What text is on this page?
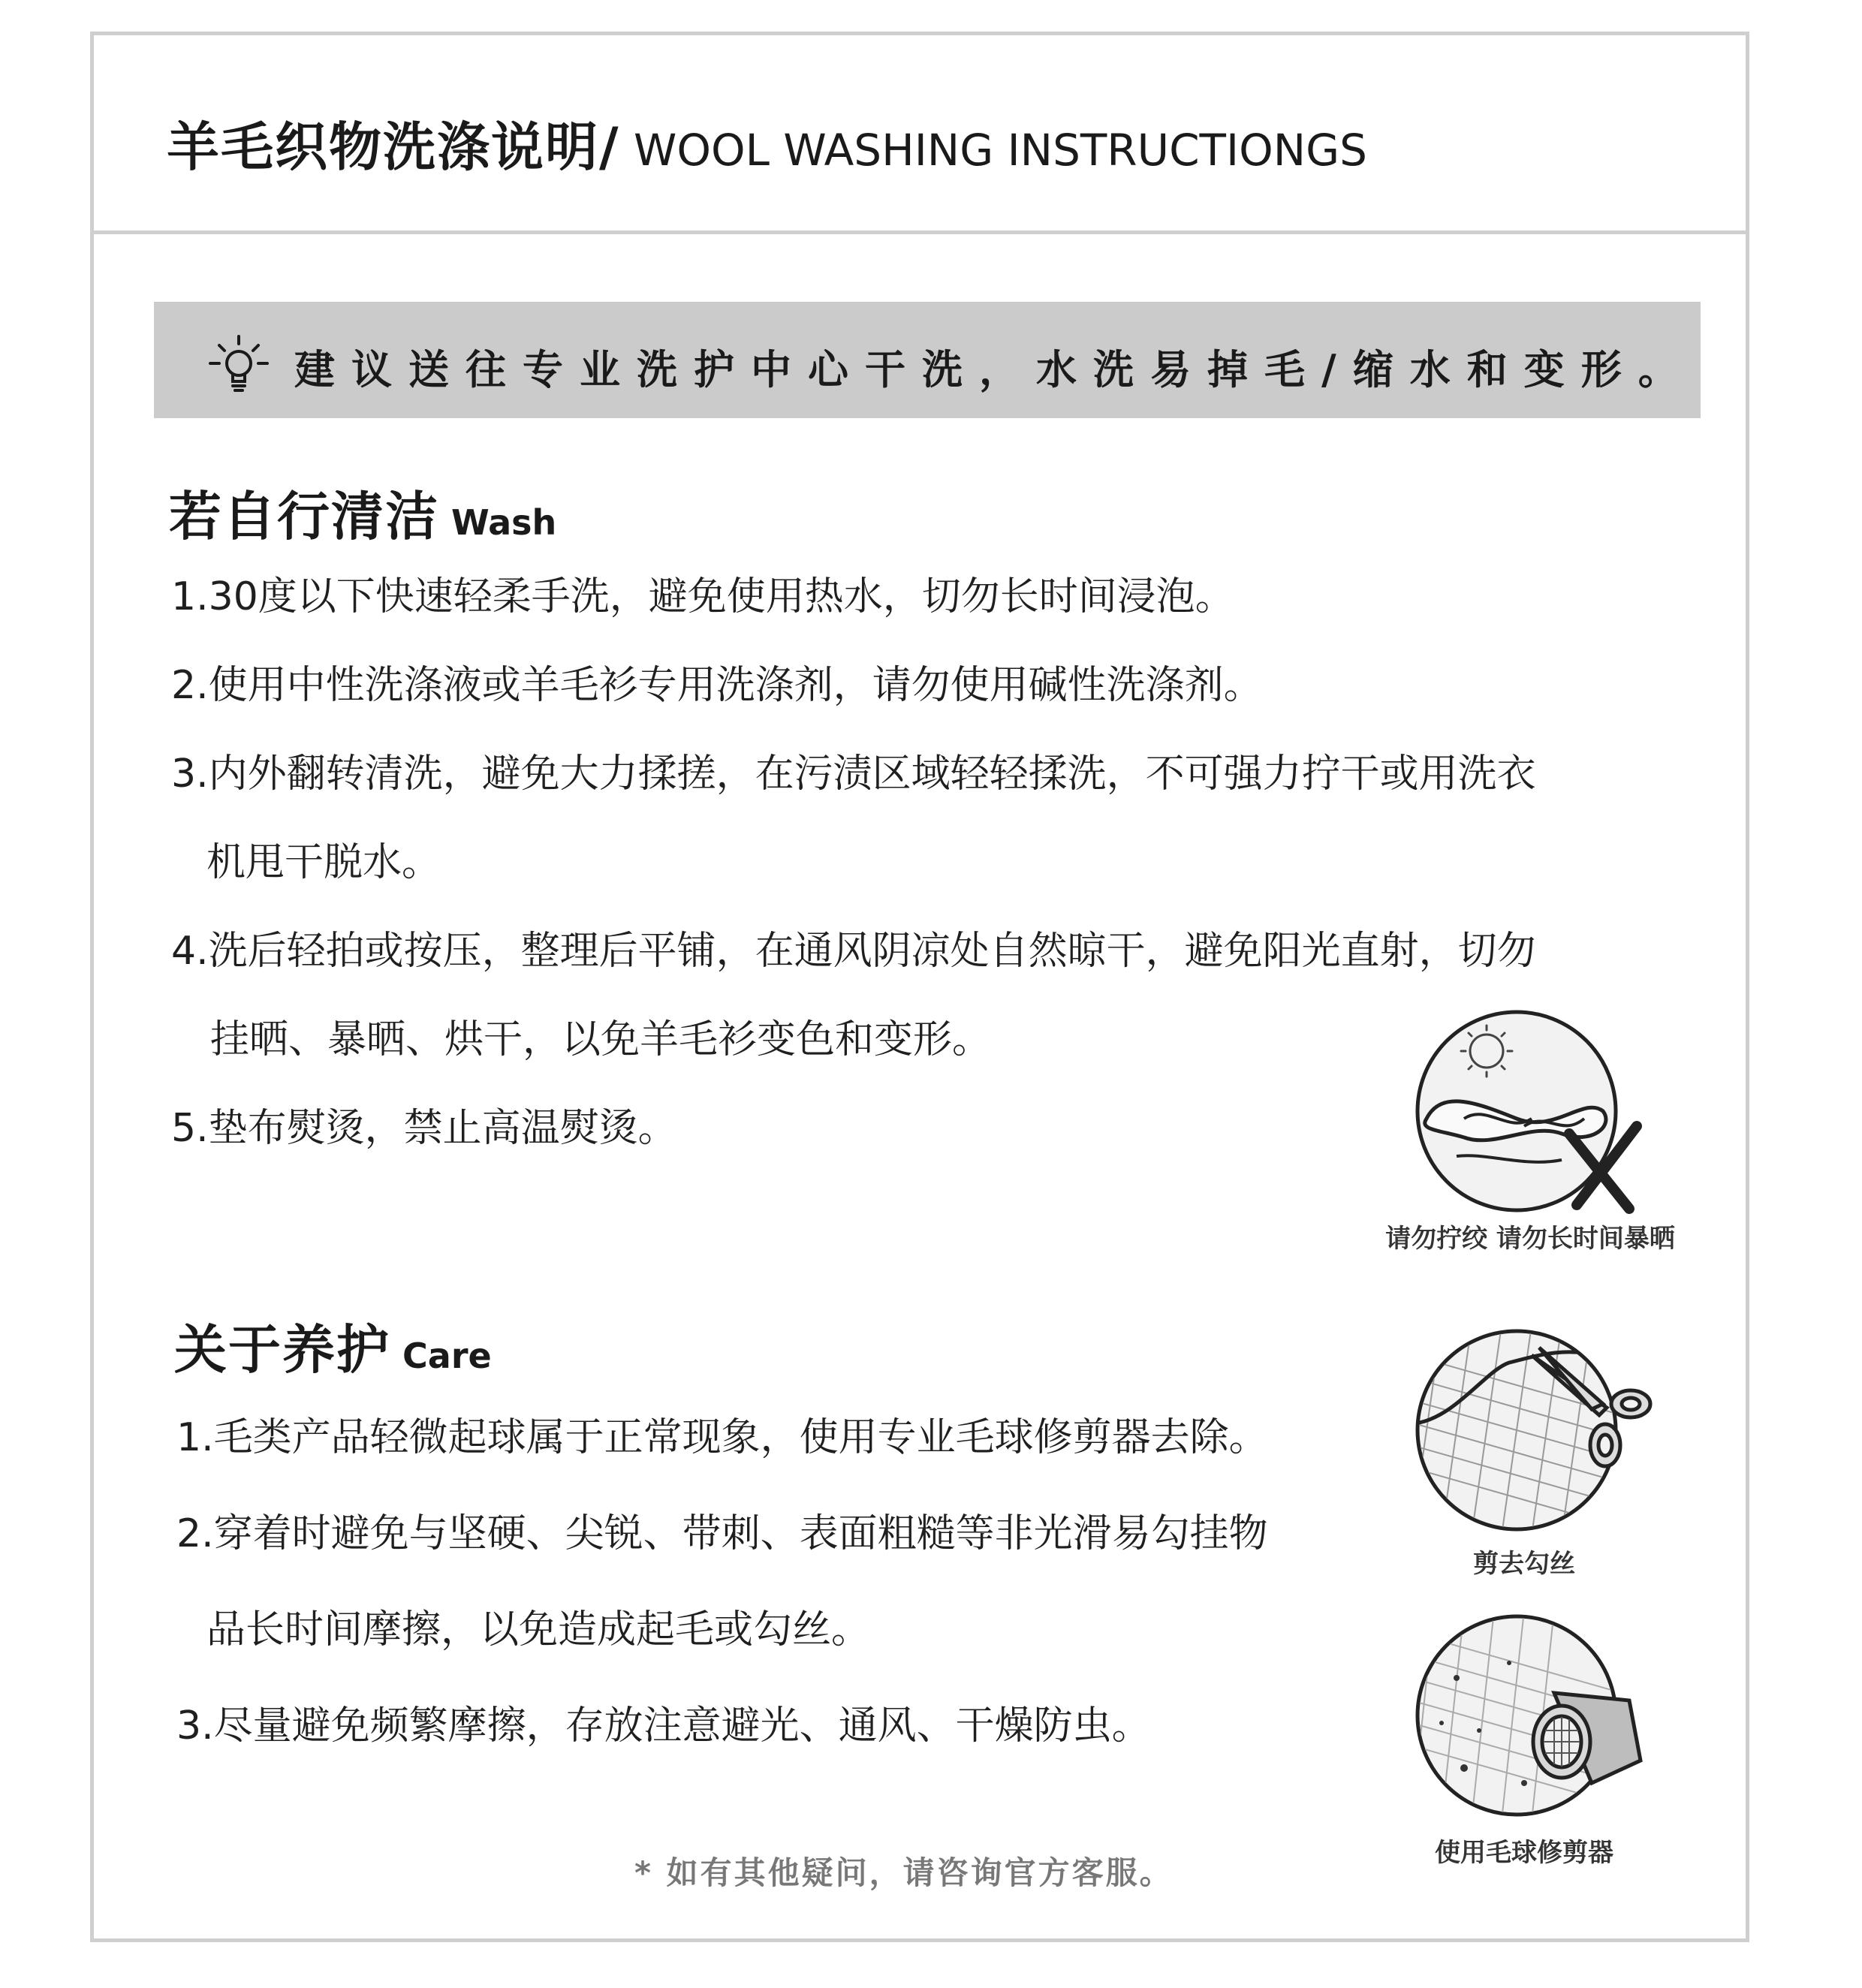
羊毛织物洗涤说明/ WOOL WASHING INSTRUCTIONGS
建议送往专业洗护中心干洗，水洗易掉毛/缩水和变形。
若自行清洁 Wash
1.30度以下快速轻柔手洗，避免使用热水，切勿长时间浸泡。
2.使用中性洗涤液或羊毛衫专用洗涤剂，请勿使用碱性洗涤剂。
3.内外翻转清洗，避免大力揉搓，在污渍区域轻轻揉洗，不可强力拧干或用洗衣
机甩干脱水。
4.洗后轻拍或按压，整理后平铺，在通风阴凉处自然晾干，避免阳光直射，切勿
挂晒、暴晒、烘干，以免羊毛衫变色和变形。
5.垫布熨烫，禁止高温熨烫。
请勿拧绞 请勿长时间暴晒
关于养护 Care
1.毛类产品轻微起球属于正常现象，使用专业毛球修剪器去除。
2.穿着时避免与坚硬、尖锐、带刺、表面粗糙等非光滑易勾挂物
品长时间摩擦，以免造成起毛或勾丝。
3.尽量避免频繁摩擦，存放注意避光、通风、干燥防虫。
剪去勾丝
使用毛球修剪器
* 如有其他疑问，请咨询官方客服。
